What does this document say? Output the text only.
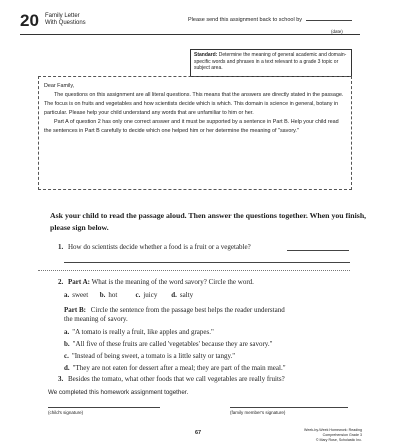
20 Family Letter
With Questions	Please send this assignment back to school by
(date)
Standard: Determine the meaning of general academic and domain-specific words and phrases in a text relevant to a grade 3 topic or subject area.

Dear Family,

The questions on this assignment are all literal questions. This means that the answers are directly stated in the passage. The focus is on fruits and vegetables and how scientists decide which is which. This domain is science in general, botany in particular. Please help your child understand any words that are unfamiliar to him or her.

Part A of question 2 has only one correct answer and it must be supported by a sentence in Part B. Help your child read the sentences in Part B carefully to decide which one helped him or her determine the meaning of "savory."

Ask your child to read the passage aloud. Then answer the questions together. When you finish, please sign below.
1. How do scientists decide whether a food is a fruit or a vegetable?
2. Part A: What is the meaning of the word savory? Circle the word.
a. sweet b. hot	c. juicy d. salty
Part B: Circle the sentence from the passage best helps the reader understand
the meaning of savory.
a. "A tomato is really a fruit, like apples and grapes."
b. "All five of these fruits are called 'vegetables' because they are savory."
c. "Instead of being sweet, a tomato is a little salty or tangy."
d. "They are not eaten for dessert after a meal; they are part of the main meal."
3. Besides the tomato, what other foods that we call vegetables are really fruits?
We completed this homework assignment together.
(child's signature)	(family member's signature)
67	Week-by-Week Homework: Reading Comprehension Grade 3
© Mary Rose, Scholastic Inc.
